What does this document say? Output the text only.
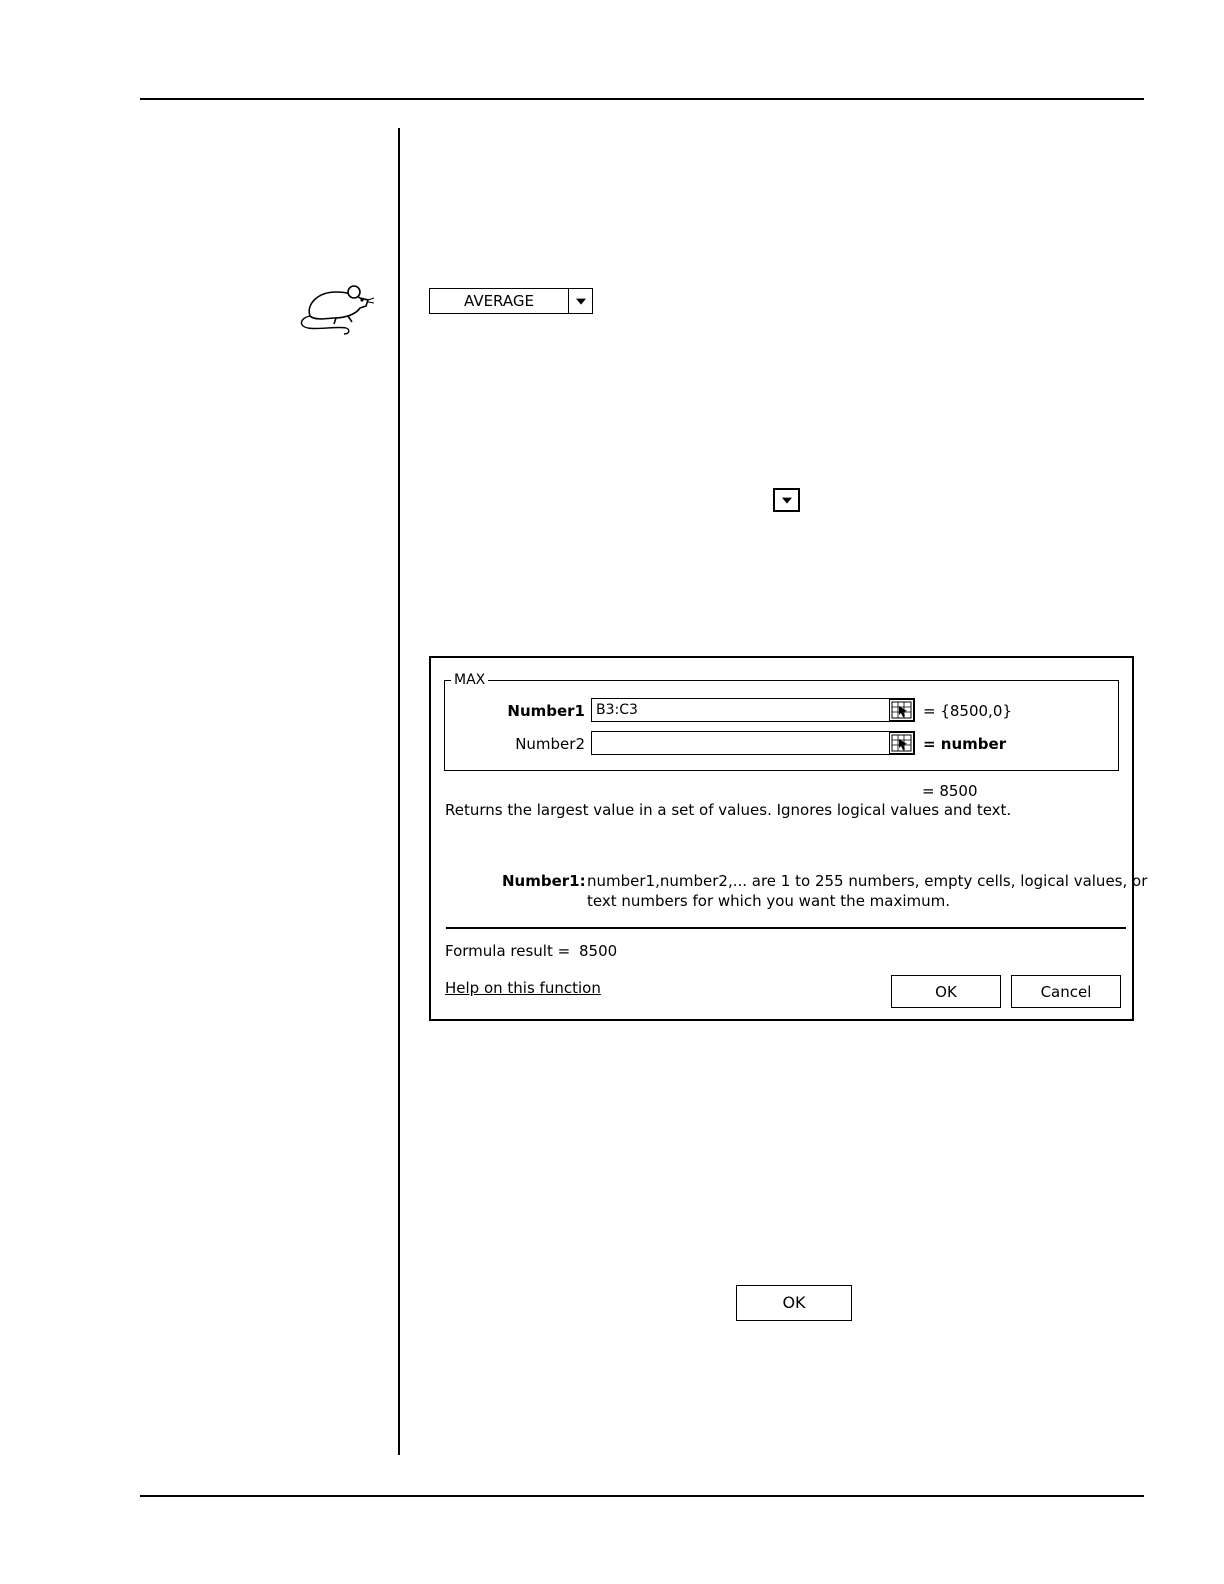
AVERAGE
MAX
Number1 B3:C3	= {8500,0}
Number2	= number
= 8500
Returns the largest value in a set of values. Ignores logical values and text.
Number1: number1,number2,... are 1 to 255 numbers, empty cells, logical values, or
text numbers for which you want the maximum.
Formula result = 8500
Help on this function	OK	Cancel
OK
